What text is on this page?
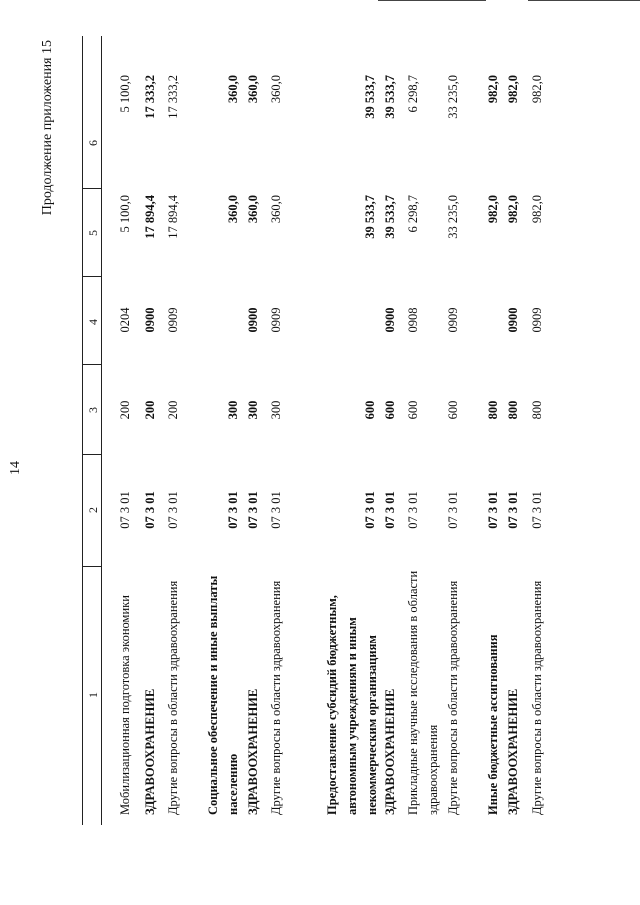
14
Продолжение приложения 15
1
2
3
4
5
6
Мобилизационная подготовка экономики
07 3 01
200
0204
5 100,0
5 100,0
ЗДРАВООХРАНЕНИЕ
07 3 01
200
0900
17 894,4
17 333,2
Другие вопросы в области здравоохранения
07 3 01
200
0909
17 894,4
17 333,2
Социальное обеспечение и иные выплаты населению
07 3 01
300
360,0
360,0
ЗДРАВООХРАНЕНИЕ
07 3 01
300
0900
360,0
360,0
Другие вопросы в области здравоохранения
07 3 01
300
0909
360,0
360,0
Предоставление субсидий бюджетным, автономным учреждениям и иным некоммерческим организациям
07 3 01
600
39 533,7
39 533,7
ЗДРАВООХРАНЕНИЕ
07 3 01
600
0900
39 533,7
39 533,7
Прикладные научные исследования в области здравоохранения
07 3 01
600
0908
6 298,7
6 298,7
Другие вопросы в области здравоохранения
07 3 01
600
0909
33 235,0
33 235,0
Иные бюджетные ассигнования
07 3 01
800
982,0
982,0
ЗДРАВООХРАНЕНИЕ
07 3 01
800
0900
982,0
982,0
Другие вопросы в области здравоохранения
07 3 01
800
0909
982,0
982,0
